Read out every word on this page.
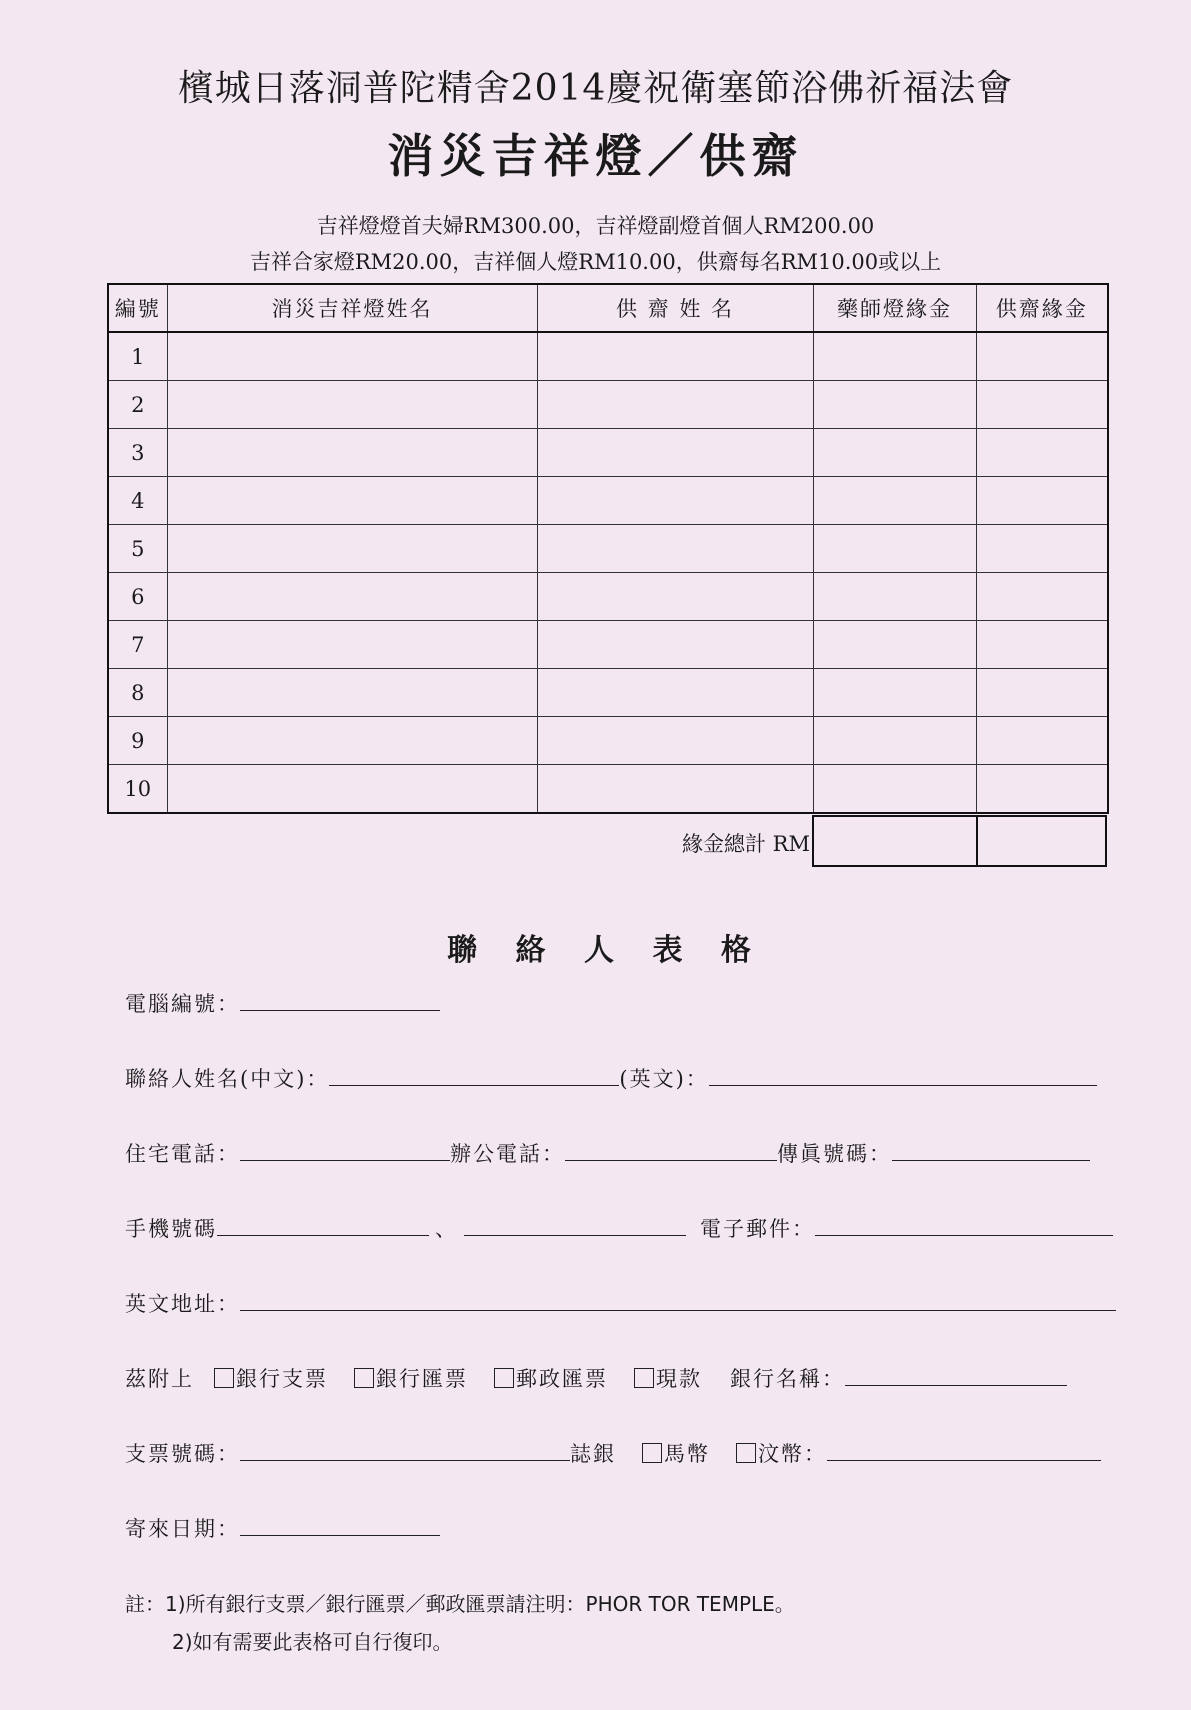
檳城日落洞普陀精舍2014慶祝衛塞節浴佛祈福法會
消災吉祥燈／供齋
吉祥燈燈首夫婦RM300.00，吉祥燈副燈首個人RM200.00
吉祥合家燈RM20.00，吉祥個人燈RM10.00，供齋每名RM10.00或以上
編號	消災吉祥燈姓名	供 齋 姓 名	藥師燈緣金	供齋緣金
1				
2				
3				
4				
5				
6				
7				
8				
9				
10				
緣金總計 RM

聯 絡 人 表 格
電腦編號：
聯絡人姓名(中文)：	(英文)：
住宅電話：	辦公電話：	傳眞號碼：
手機號碼	、	電子郵件：
英文地址：
茲附上 銀行支票 銀行匯票 郵政匯票 現款 銀行名稱：
支票號碼：	誌銀 馬幣 汶幣：
寄來日期：
註：1)所有銀行支票／銀行匯票／郵政匯票請注明：PHOR TOR TEMPLE。
2)如有需要此表格可自行復印。
